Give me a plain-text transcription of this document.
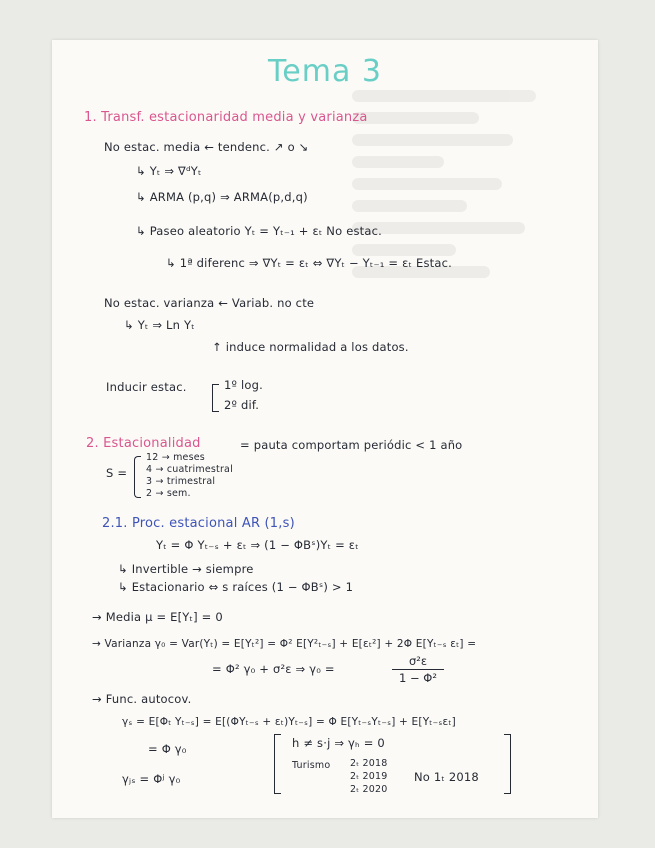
Tema 3
1. Transf. estacionaridad media y varianza
No estac. media ← tendenc. ↗ o ↘
↳ Yₜ ⇒ ∇ᵈYₜ
↳ ARMA (p,q) ⇒ ARMA(p,d,q)
↳ Paseo aleatorio Yₜ = Yₜ₋₁ + εₜ No estac.
↳ 1ª diferenc ⇒ ∇Yₜ = εₜ ⇔ ∇Yₜ − Yₜ₋₁ = εₜ Estac.
No estac. varianza ← Variab. no cte
↳ Yₜ ⇒ Ln Yₜ
↑ induce normalidad a los datos.
Inducir estac.	1º log.
2º dif.
2. Estacionalidad	= pauta comportam periódic < 1 año
S =
12 → meses
4 → cuatrimestral
3 → trimestral
2 → sem.
2.1. Proc. estacional AR (1,s)
Yₜ = Φ Yₜ₋ₛ + εₜ ⇒ (1 − ΦBˢ)Yₜ = εₜ
↳ Invertible → siempre
↳ Estacionario ⇔ s raíces (1 − ΦBˢ) > 1
→ Media μ = E[Yₜ] = 0
→ Varianza γ₀ = Var(Yₜ) = E[Yₜ²] = Φ² E[Y²ₜ₋ₛ] + E[εₜ²] + 2Φ E[Yₜ₋ₛ εₜ] =
= Φ² γ₀ + σ²ε ⇒ γ₀ =
σ²ε
1 − Φ²
→ Func. autocov.
γₛ = E[Φₜ Yₜ₋ₛ] = E[(ΦYₜ₋ₛ + εₜ)Yₜ₋ₛ] = Φ E[Yₜ₋ₛYₜ₋ₛ] + E[Yₜ₋ₛεₜ]
= Φ γ₀
γⱼₛ = Φʲ γ₀
h ≠ s·j ⇒ γₕ = 0
Turismo 2ₜ 2018
2ₜ 2019
2ₜ 2020
No 1ₜ 2018
